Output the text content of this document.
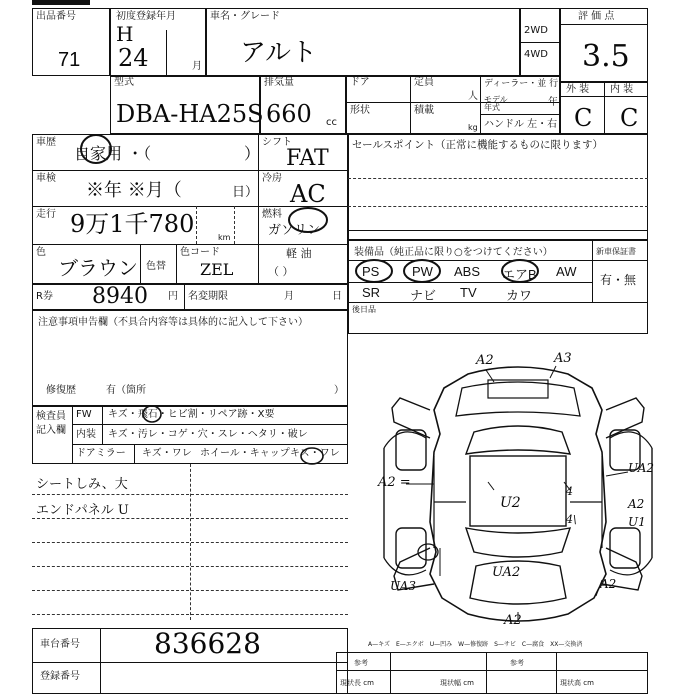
出品番号
71
初度登録年月
H
24	月
車名・グレード
アルト
2WD
4WD
評 価 点
3.5
型式
DBA-HA25S
排気量
660 cc
ドア	定員
人
ディーラー・並 行
モデル年式	年
形状	積載
kg ハンドル 左・右
外 装 内 装
C C
車歴
自家用 ・（	）
シフト
FAT
車検
※年 ※月（	日）
冷房
AC
走行 9万1千780	km
燃料
ガソリン
軽 油
（ ）
色
ブラウン 色替
色コード
ZEL
セールスポイント（正常に機能するものに限ります）
装備品（純正品に限り○をつけてください）	新車保証書
有・無
PS	PW ABS エアB AW
SR ナビ TV カワ
後日品
R券 8940 円 名変期限	月	日
注意事項申告欄（不具合内容等は具体的に記入して下さい）
修復歴	有（箇所	）
検査員
記入欄
FW キズ・飛石・ヒビ割・リペア跡・X要
内装 キズ・汚レ・コゲ・穴・スレ・ヘタリ・破レ
ドアミラー キズ・ワレ ホイール・キャップ キズ・ワレ
シートしみ、大
エンドパネル U
A2	A3
A2 =
U2
UA2
4
A2
4\	U1
UA3
UA2
A2
A2
車台番号	836628
登録番号
A—キズ　E—エクボ　U—凹み　W—修復跡　S—サビ　C—腐食　XX—交換済
参考	参考
現状長 cm	現状幅 cm	現状高 cm
